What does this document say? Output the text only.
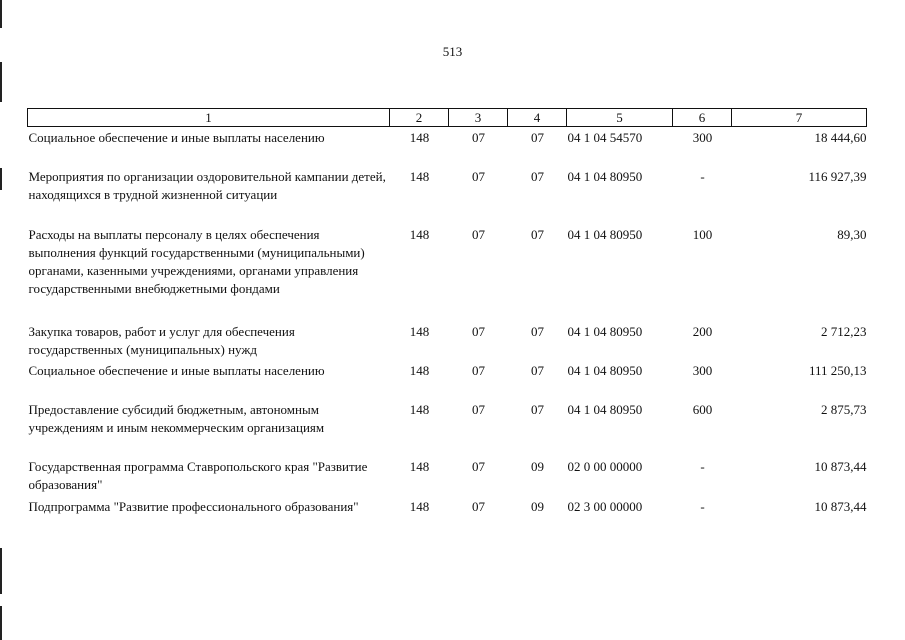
513
1	2	3	4	5	6	7
Социальное обеспечение и иные выплаты населению	148	07	07	04 1 04 54570	300	18 444,60
Мероприятия по организации оздоровительной кампании детей, находящихся в трудной жизненной ситуации	148	07	07	04 1 04 80950	-	116 927,39
Расходы на выплаты персоналу в целях обеспечения выполнения функций государственными (муниципальными) органами, казенными учреждениями, органами управления государственными внебюджетными фондами	148	07	07	04 1 04 80950	100	89,30
Закупка товаров, работ и услуг для обеспечения государственных (муниципальных) нужд	148	07	07	04 1 04 80950	200	2 712,23
Социальное обеспечение и иные выплаты населению	148	07	07	04 1 04 80950	300	111 250,13
Предоставление субсидий бюджетным, автономным учреждениям и иным некоммерческим организациям	148	07	07	04 1 04 80950	600	2 875,73
Государственная программа Ставропольского края "Развитие образования"	148	07	09	02 0 00 00000	-	10 873,44
Подпрограмма "Развитие профессионального образования"	148	07	09	02 3 00 00000	-	10 873,44
